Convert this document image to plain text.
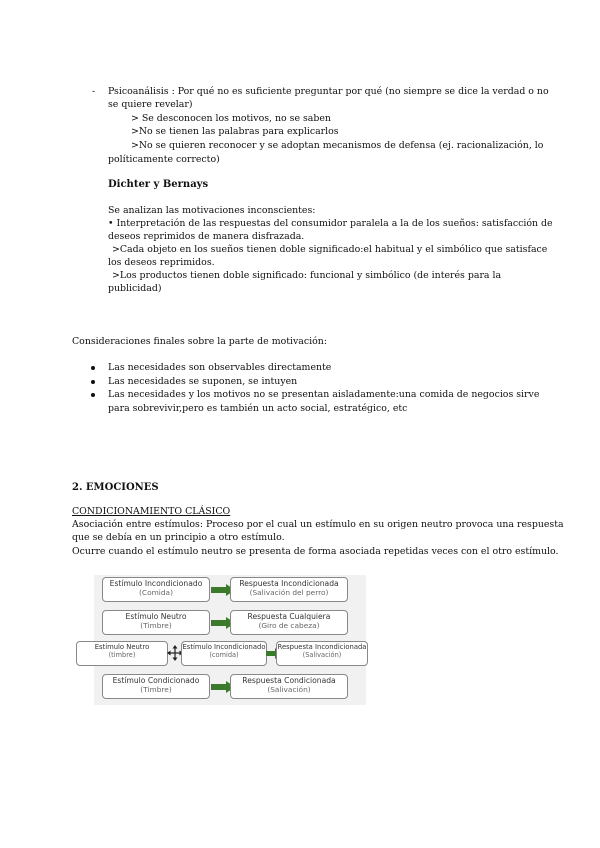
- Psicoanálisis : Por qué no es suficiente preguntar por qué (no siempre se dice la verdad o no
se quiere revelar)
> Se desconocen los motivos, no se saben
>No se tienen las palabras para explicarlos
>No se quieren reconocer y se adoptan mecanismos de defensa (ej. racionalización, lo
políticamente correcto)
Dichter y Bernays
Se analizan las motivaciones inconscientes:
• Interpretación de las respuestas del consumidor paralela a la de los sueños: satisfacción de
deseos reprimidos de manera disfrazada.
>Cada objeto en los sueños tienen doble significado:el habitual y el simbólico que satisface
los deseos reprimidos.
>Los productos tienen doble significado: funcional y simbólico (de interés para la
publicidad)
Consideraciones finales sobre la parte de motivación:
Las necesidades son observables directamente
Las necesidades se suponen, se intuyen
Las necesidades y los motivos no se presentan aisladamente:una comida de negocios sirve
para sobrevivir,pero es también un acto social, estratégico, etc
2. EMOCIONES
CONDICIONAMIENTO CLÁSICO
Asociación entre estímulos: Proceso por el cual un estímulo en su origen neutro provoca una respuesta
que se debía en un principio a otro estímulo.
Ocurre cuando el estímulo neutro se presenta de forma asociada repetidas veces con el otro estímulo.
Estímulo Incondicionado
(Comida)
Respuesta Incondicionada
(Salivación del perro)
Estímulo Neutro
(Timbre)
Respuesta Cualquiera
(Giro de cabeza)
Estímulo Neutro
(timbre)
Estímulo Incondicionado
(comida)
Respuesta Incondicionada
(Salivación)
Estímulo Condicionado
(Timbre)
Respuesta Condicionada
(Salivación)
